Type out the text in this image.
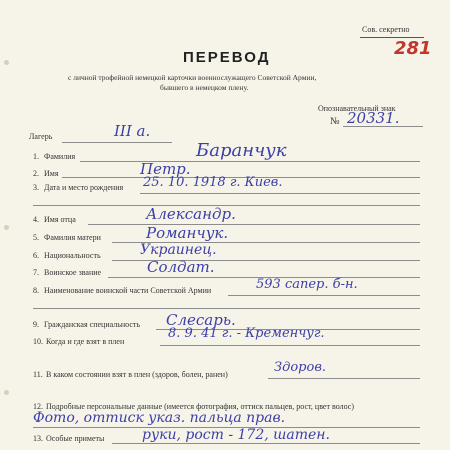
Сов. секретно
281
ПЕРЕВОД
с личной трофейной немецкой карточки военнослужащего Советской Армии,
бывшего в немецком плену.
Лагерь	III а.
Опознавательный знак
№ 20331.
1. Фамилия	Баранчук
2. Имя	Петр.
3. Дата и место рождения 25. 10. 1918 г. Киев.
4. Имя отца	Александр.
5. Фамилия матери	Романчук.
6. Национальность	Украинец.
7. Воинское звание	Солдат.
8. Наименование воинской части Советской Армии	593 сапер. б-н.
9. Гражданская специальность Слесарь.
10. Когда и где взят в плен
8. 9. 41 г. - Кременчуг.
11. В каком состоянии взят в плен (здоров, болен, ранен)	Здоров.
12. Подробные персональные данные (имеется фотография, оттиск пальцев, рост, цвет волос)
Фото, оттиск указ. пальца прав.
13. Особые приметы	руки, рост - 172, шатен.
